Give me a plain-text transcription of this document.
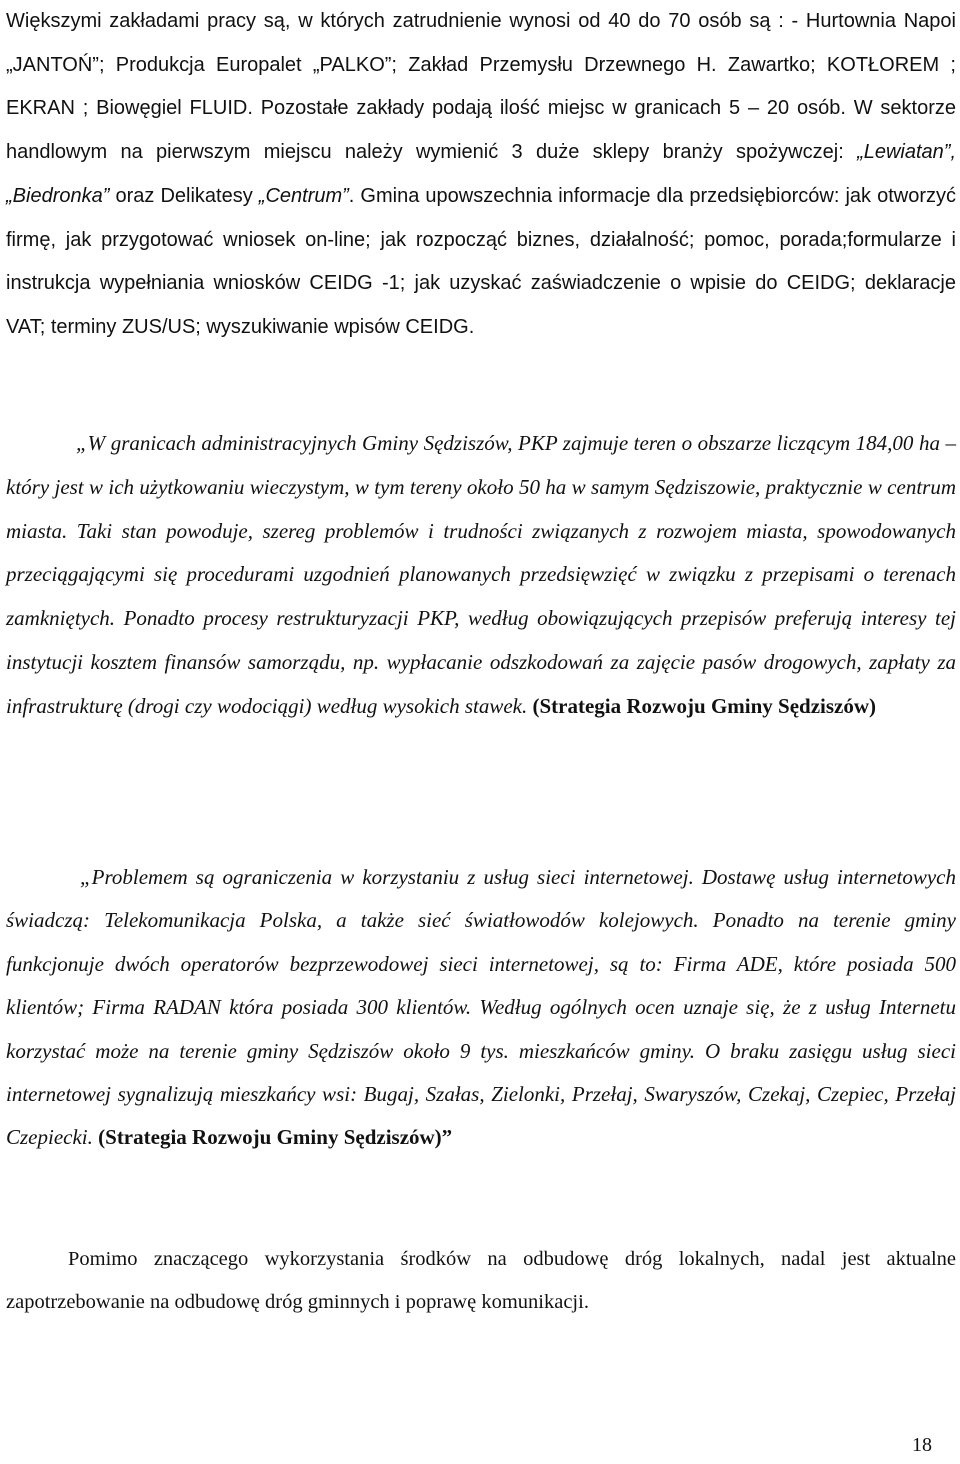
Większymi zakładami pracy są, w których zatrudnienie wynosi od 40 do 70 osób są : - Hurtownia Napoi „JANTOŃ”; Produkcja Europalet „PALKO”; Zakład Przemysłu Drzewnego H. Zawartko; KOTŁOREM ; EKRAN ; Biowęgiel FLUID. Pozostałe zakłady podają ilość miejsc w granicach 5 – 20 osób. W sektorze handlowym na pierwszym miejscu należy wymienić 3 duże sklepy branży spożywczej: „Lewiatan”, „Biedronka” oraz Delikatesy „Centrum”. Gmina upowszechnia informacje dla przedsiębiorców: jak otworzyć firmę, jak przygotować wniosek on-line; jak rozpocząć biznes, działalność; pomoc, porada;formularze i instrukcja wypełniania wniosków CEIDG -1; jak uzyskać zaświadczenie o wpisie do CEIDG; deklaracje VAT; terminy ZUS/US; wyszukiwanie wpisów CEIDG.

„W granicach administracyjnych Gminy Sędziszów, PKP zajmuje teren o obszarze liczącym 184,00 ha – który jest w ich użytkowaniu wieczystym, w tym tereny około 50 ha w samym Sędziszowie, praktycznie w centrum miasta. Taki stan powoduje, szereg problemów i trudności związanych z rozwojem miasta, spowodowanych przeciągającymi się procedurami uzgodnień planowanych przedsięwzięć w związku z przepisami o terenach zamkniętych. Ponadto procesy restrukturyzacji PKP, według obowiązujących przepisów preferują interesy tej instytucji kosztem finansów samorządu, np. wypłacanie odszkodowań za zajęcie pasów drogowych, zapłaty za infrastrukturę (drogi czy wodociągi) według wysokich stawek. (Strategia Rozwoju Gminy Sędziszów)

„Problemem są ograniczenia w korzystaniu z usług sieci internetowej. Dostawę usług internetowych świadczą: Telekomunikacja Polska, a także sieć światłowodów kolejowych. Ponadto na terenie gminy funkcjonuje dwóch operatorów bezprzewodowej sieci internetowej, są to: Firma ADE, które posiada 500 klientów; Firma RADAN która posiada 300 klientów. Według ogólnych ocen uznaje się, że z usług Internetu korzystać może na terenie gminy Sędziszów około 9 tys. mieszkańców gminy. O braku zasięgu usług sieci internetowej sygnalizują mieszkańcy wsi: Bugaj, Szałas, Zielonki, Przełaj, Swaryszów, Czekaj, Czepiec, Przełaj Czepiecki. (Strategia Rozwoju Gminy Sędziszów)”

Pomimo znaczącego wykorzystania środków na odbudowę dróg lokalnych, nadal jest aktualne zapotrzebowanie na odbudowę dróg gminnych i poprawę komunikacji.

18
